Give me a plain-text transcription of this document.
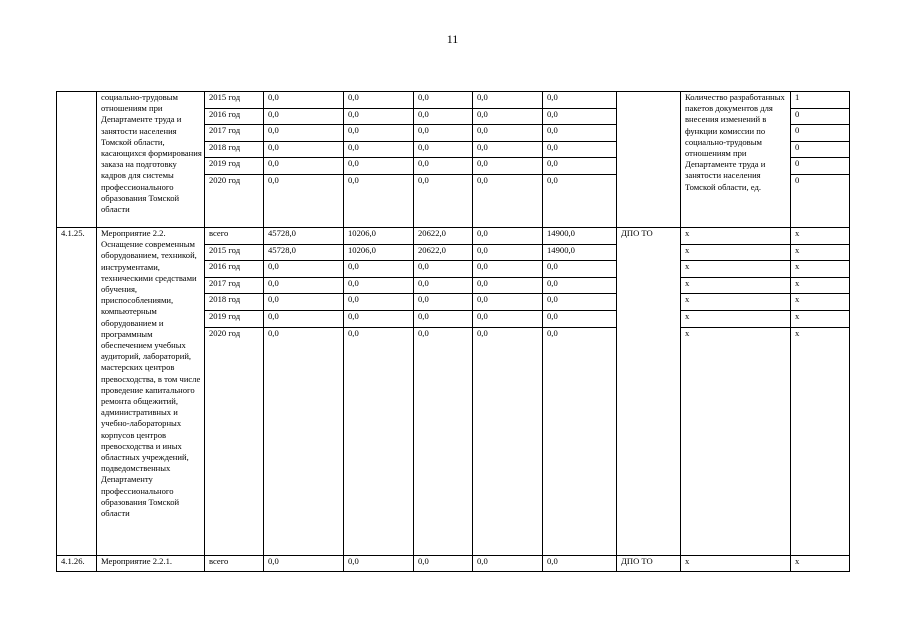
11
	социально-трудовым отношениям при Департаменте труда и занятости населения Томской области, касающихся формирования заказа на подготовку кадров для системы профессионального образования Томской области	2015 год	0,0	0,0	0,0	0,0	0,0		Количество разработанных пакетов документов для внесения изменений в функции комиссии по социально-трудовым отношениям при Департаменте труда и занятости населения Томской области, ед.	1
		2016 год	0,0	0,0	0,0	0,0	0,0			0
		2017 год	0,0	0,0	0,0	0,0	0,0			0
		2018 год	0,0	0,0	0,0	0,0	0,0			0
		2019 год	0,0	0,0	0,0	0,0	0,0			0
		2020 год	0,0	0,0	0,0	0,0	0,0			0
4.1.25.	Мероприятие 2.2. Оснащение современным оборудованием, техникой, инструментами, техническими средствами обучения, приспособлениями, компьютерным оборудованием и программным обеспечением учебных аудиторий, лабораторий, мастерских центров превосходства, в том числе проведение капитального ремонта общежитий, административных и учебно-лабораторных корпусов центров превосходства и иных областных учреждений, подведомственных Департаменту профессионального образования Томской области	всего	45728,0	10206,0	20622,0	0,0	14900,0	ДПО ТО	х	х
		2015 год	45728,0	10206,0	20622,0	0,0	14900,0		х	х
		2016 год	0,0	0,0	0,0	0,0	0,0		х	х
		2017 год	0,0	0,0	0,0	0,0	0,0		х	х
		2018 год	0,0	0,0	0,0	0,0	0,0		х	х
		2019 год	0,0	0,0	0,0	0,0	0,0		х	х
		2020 год	0,0	0,0	0,0	0,0	0,0		х	х
4.1.26.	Мероприятие 2.2.1.	всего	0,0	0,0	0,0	0,0	0,0	ДПО ТО	х	х
